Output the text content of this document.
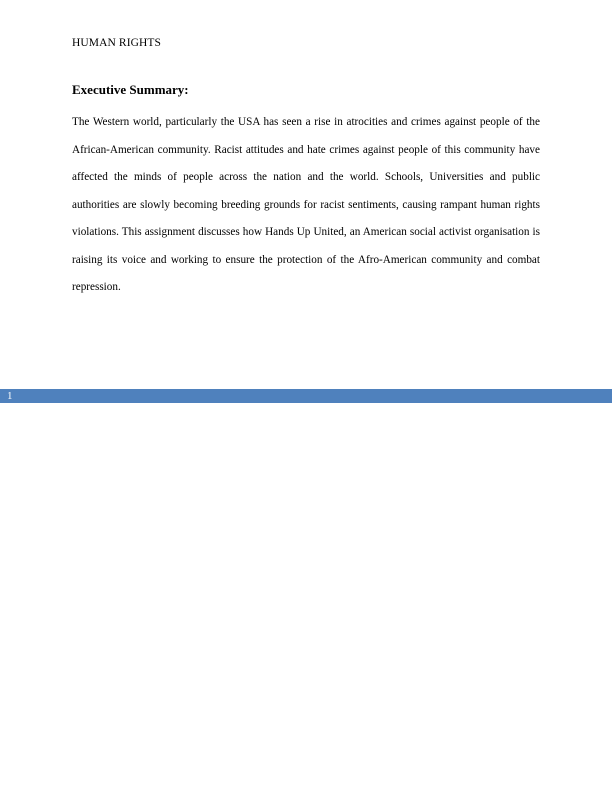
HUMAN RIGHTS
Executive Summary:

The Western world, particularly the USA has seen a rise in atrocities and crimes against people of the African-American community. Racist attitudes and hate crimes against people of this community have affected the minds of people across the nation and the world. Schools, Universities and public authorities are slowly becoming breeding grounds for racist sentiments, causing rampant human rights violations. This assignment discusses how Hands Up United, an American social activist organisation is raising its voice and working to ensure the protection of the Afro-American community and combat repression.

1
